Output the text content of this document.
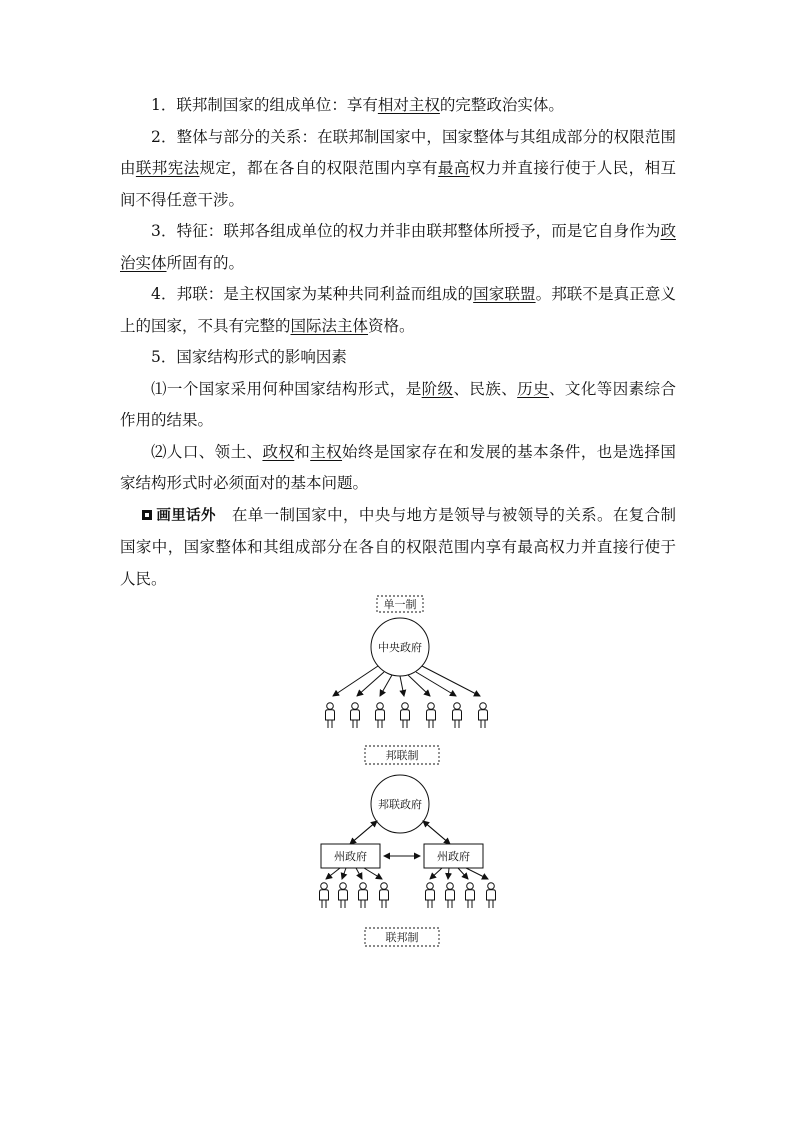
1．联邦制国家的组成单位：享有相对主权的完整政治实体。

2．整体与部分的关系：在联邦制国家中，国家整体与其组成部分的权限范围由联邦宪法规定，都在各自的权限范围内享有最高权力并直接行使于人民，相互间不得任意干涉。

3．特征：联邦各组成单位的权力并非由联邦整体所授予，而是它自身作为政治实体所固有的。

4．邦联：是主权国家为某种共同利益而组成的国家联盟。邦联不是真正意义上的国家，不具有完整的国际法主体资格。

5．国家结构形式的影响因素

⑴一个国家采用何种国家结构形式，是阶级、民族、历史、文化等因素综合作用的结果。

⑵人口、领土、政权和主权始终是国家存在和发展的基本条件，也是选择国家结构形式时必须面对的基本问题。

画里话外 在单一制国家中，中央与地方是领导与被领导的关系。在复合制国家中，国家整体和其组成部分在各自的权限范围内享有最高权力并直接行使于人民。

单一制
中央政府
邦联制
邦联政府
州政府	州政府
联邦制
